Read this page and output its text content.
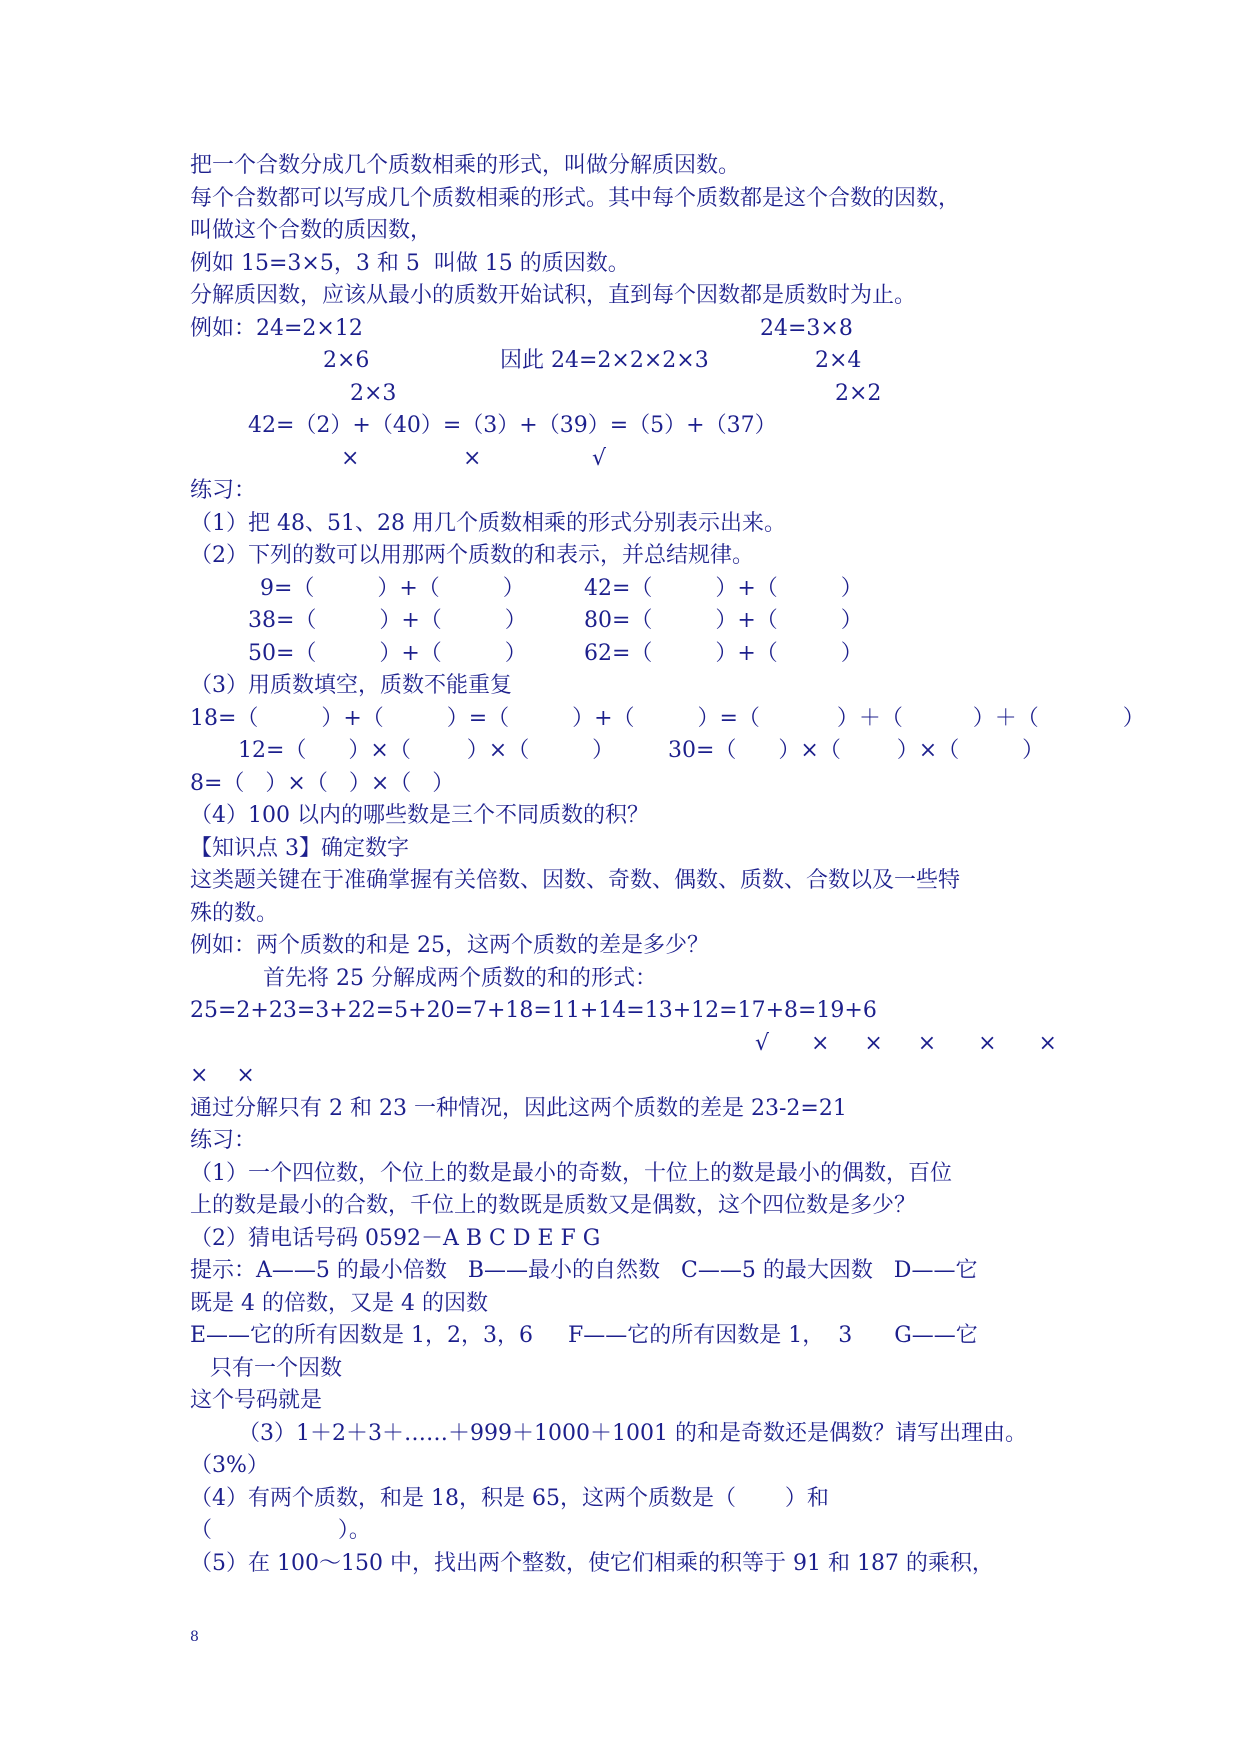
把一个合数分成几个质数相乘的形式，叫做分解质因数。
每个合数都可以写成几个质数相乘的形式。其中每个质数都是这个合数的因数，
叫做这个合数的质因数，
例如 15=3×5，3 和 5  叫做 15 的质因数。
分解质因数，应该从最小的质数开始试积，直到每个因数都是质数时为止。
例如：24=2×12	24=3×8
2×6	因此 24=2×2×2×3	2×4
2×3	2×2
42=（2）+（40）=（3）+（39）=（5）+（37）
×	×	√
练习：
（1）把 48、51、28 用几个质数相乘的形式分别表示出来。
（2）下列的数可以用那两个质数的和表示，并总结规律。
9=（         ）+（         ）	42=（         ）+（         ）
38=（         ）+（         ）	80=（         ）+（         ）
50=（         ）+（         ）	62=（         ）+（         ）
（3）用质数填空，质数不能重复
18=（         ）+（         ）=（         ）+（         ）=（           ）＋（          ）＋（            ）
12=（      ）×（        ）×（         ） 30=（      ）×（        ）×（         ）
8=（   ）×（   ）×（   ）
（4）100 以内的哪些数是三个不同质数的积？
【知识点 3】确定数字
这类题关键在于准确掌握有关倍数、因数、奇数、偶数、质数、合数以及一些特
殊的数。
例如：两个质数的和是 25，这两个质数的差是多少？
首先将 25 分解成两个质数的和的形式：
25=2+23=3+22=5+20=7+18=11+14=13+12=17+8=19+6
√      ×     ×     ×      ×      ×
×    ×
通过分解只有 2 和 23 一种情况，因此这两个质数的差是 23-2=21
练习：
（1）一个四位数，个位上的数是最小的奇数，十位上的数是最小的偶数，百位
上的数是最小的合数，千位上的数既是质数又是偶数，这个四位数是多少？
（2）猜电话号码 0592－A B C D E F G
提示：A——5 的最小倍数   B——最小的自然数   C——5 的最大因数   D——它
既是 4 的倍数，又是 4 的因数
E——它的所有因数是 1，2，3，6     F——它的所有因数是 1，  3      G——它
只有一个因数
这个号码就是
（3）1＋2＋3＋……＋999＋1000＋1001 的和是奇数还是偶数？请写出理由。
（3%）
（4）有两个质数，和是 18，积是 65，这两个质数是（       ）和
（                  ）。
（5）在 100～150 中，找出两个整数，使它们相乘的积等于 91 和 187 的乘积，
8
